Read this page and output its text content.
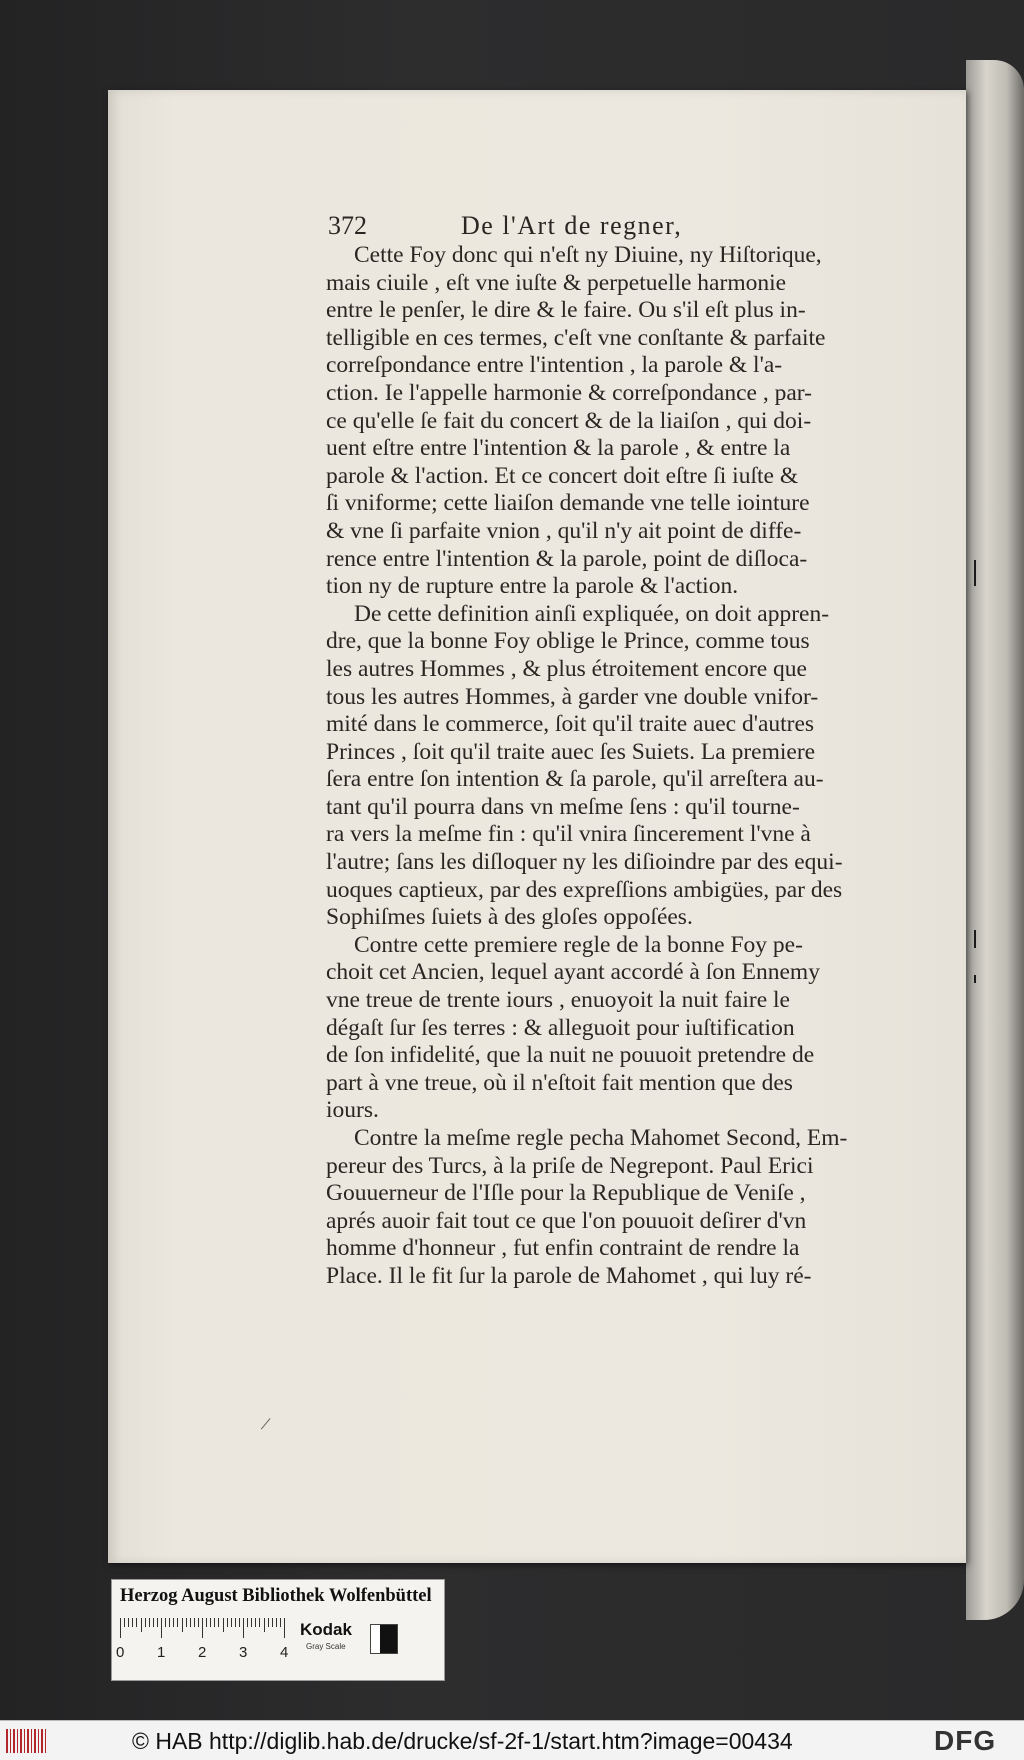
372	De l'Art de regner,
Cette Foy donc qui n'eſt ny Diuine, ny Hiſtorique,
mais ciuile , eſt vne iuſte & perpetuelle harmonie
entre le penſer, le dire & le faire. Ou s'il eſt plus in-
telligible en ces termes, c'eſt vne conſtante & parfaite
correſpondance entre l'intention , la parole & l'a-
ction. Ie l'appelle harmonie & correſpondance , par-
ce qu'elle ſe fait du concert & de la liaiſon , qui doi-
uent eſtre entre l'intention & la parole , & entre la
parole & l'action. Et ce concert doit eſtre ſi iuſte &
ſi vniforme; cette liaiſon demande vne telle iointure
& vne ſi parfaite vnion , qu'il n'y ait point de diffe-
rence entre l'intention & la parole, point de diſloca-
tion ny de rupture entre la parole & l'action.
De cette definition ainſi expliquée, on doit appren-
dre, que la bonne Foy oblige le Prince, comme tous
les autres Hommes , & plus étroitement encore que
tous les autres Hommes, à garder vne double vnifor-
mité dans le commerce, ſoit qu'il traite auec d'autres
Princes , ſoit qu'il traite auec ſes Suiets. La premiere
ſera entre ſon intention & ſa parole, qu'il arreſtera au-
tant qu'il pourra dans vn meſme ſens : qu'il tourne-
ra vers la meſme fin : qu'il vnira ſincerement l'vne à
l'autre; ſans les diſloquer ny les diſioindre par des equi-
uoques captieux, par des expreſſions ambigües, par des
Sophiſmes ſuiets à des gloſes oppoſées.
Contre cette premiere regle de la bonne Foy pe-
choit cet Ancien, lequel ayant accordé à ſon Ennemy
vne treue de trente iours , enuoyoit la nuit faire le
dégaſt ſur ſes terres : & alleguoit pour iuſtification
de ſon infidelité, que la nuit ne pouuoit pretendre de
part à vne treue, où il n'eſtoit fait mention que des
iours.
Contre la meſme regle pecha Mahomet Second, Em-
pereur des Turcs, à la priſe de Negrepont. Paul Erici
Gouuerneur de l'Iſle pour la Republique de Veniſe ,
aprés auoir fait tout ce que l'on pouuoit deſirer d'vn
homme d'honneur , fut enfin contraint de rendre la
Place. Il le fit ſur la parole de Mahomet , qui luy ré-
Herzog August Bibliothek Wolfenbüttel
0 1 2 3 4
Kodak
Gray Scale
© HAB http://diglib.hab.de/drucke/sf-2f-1/start.htm?image=00434	DFG
